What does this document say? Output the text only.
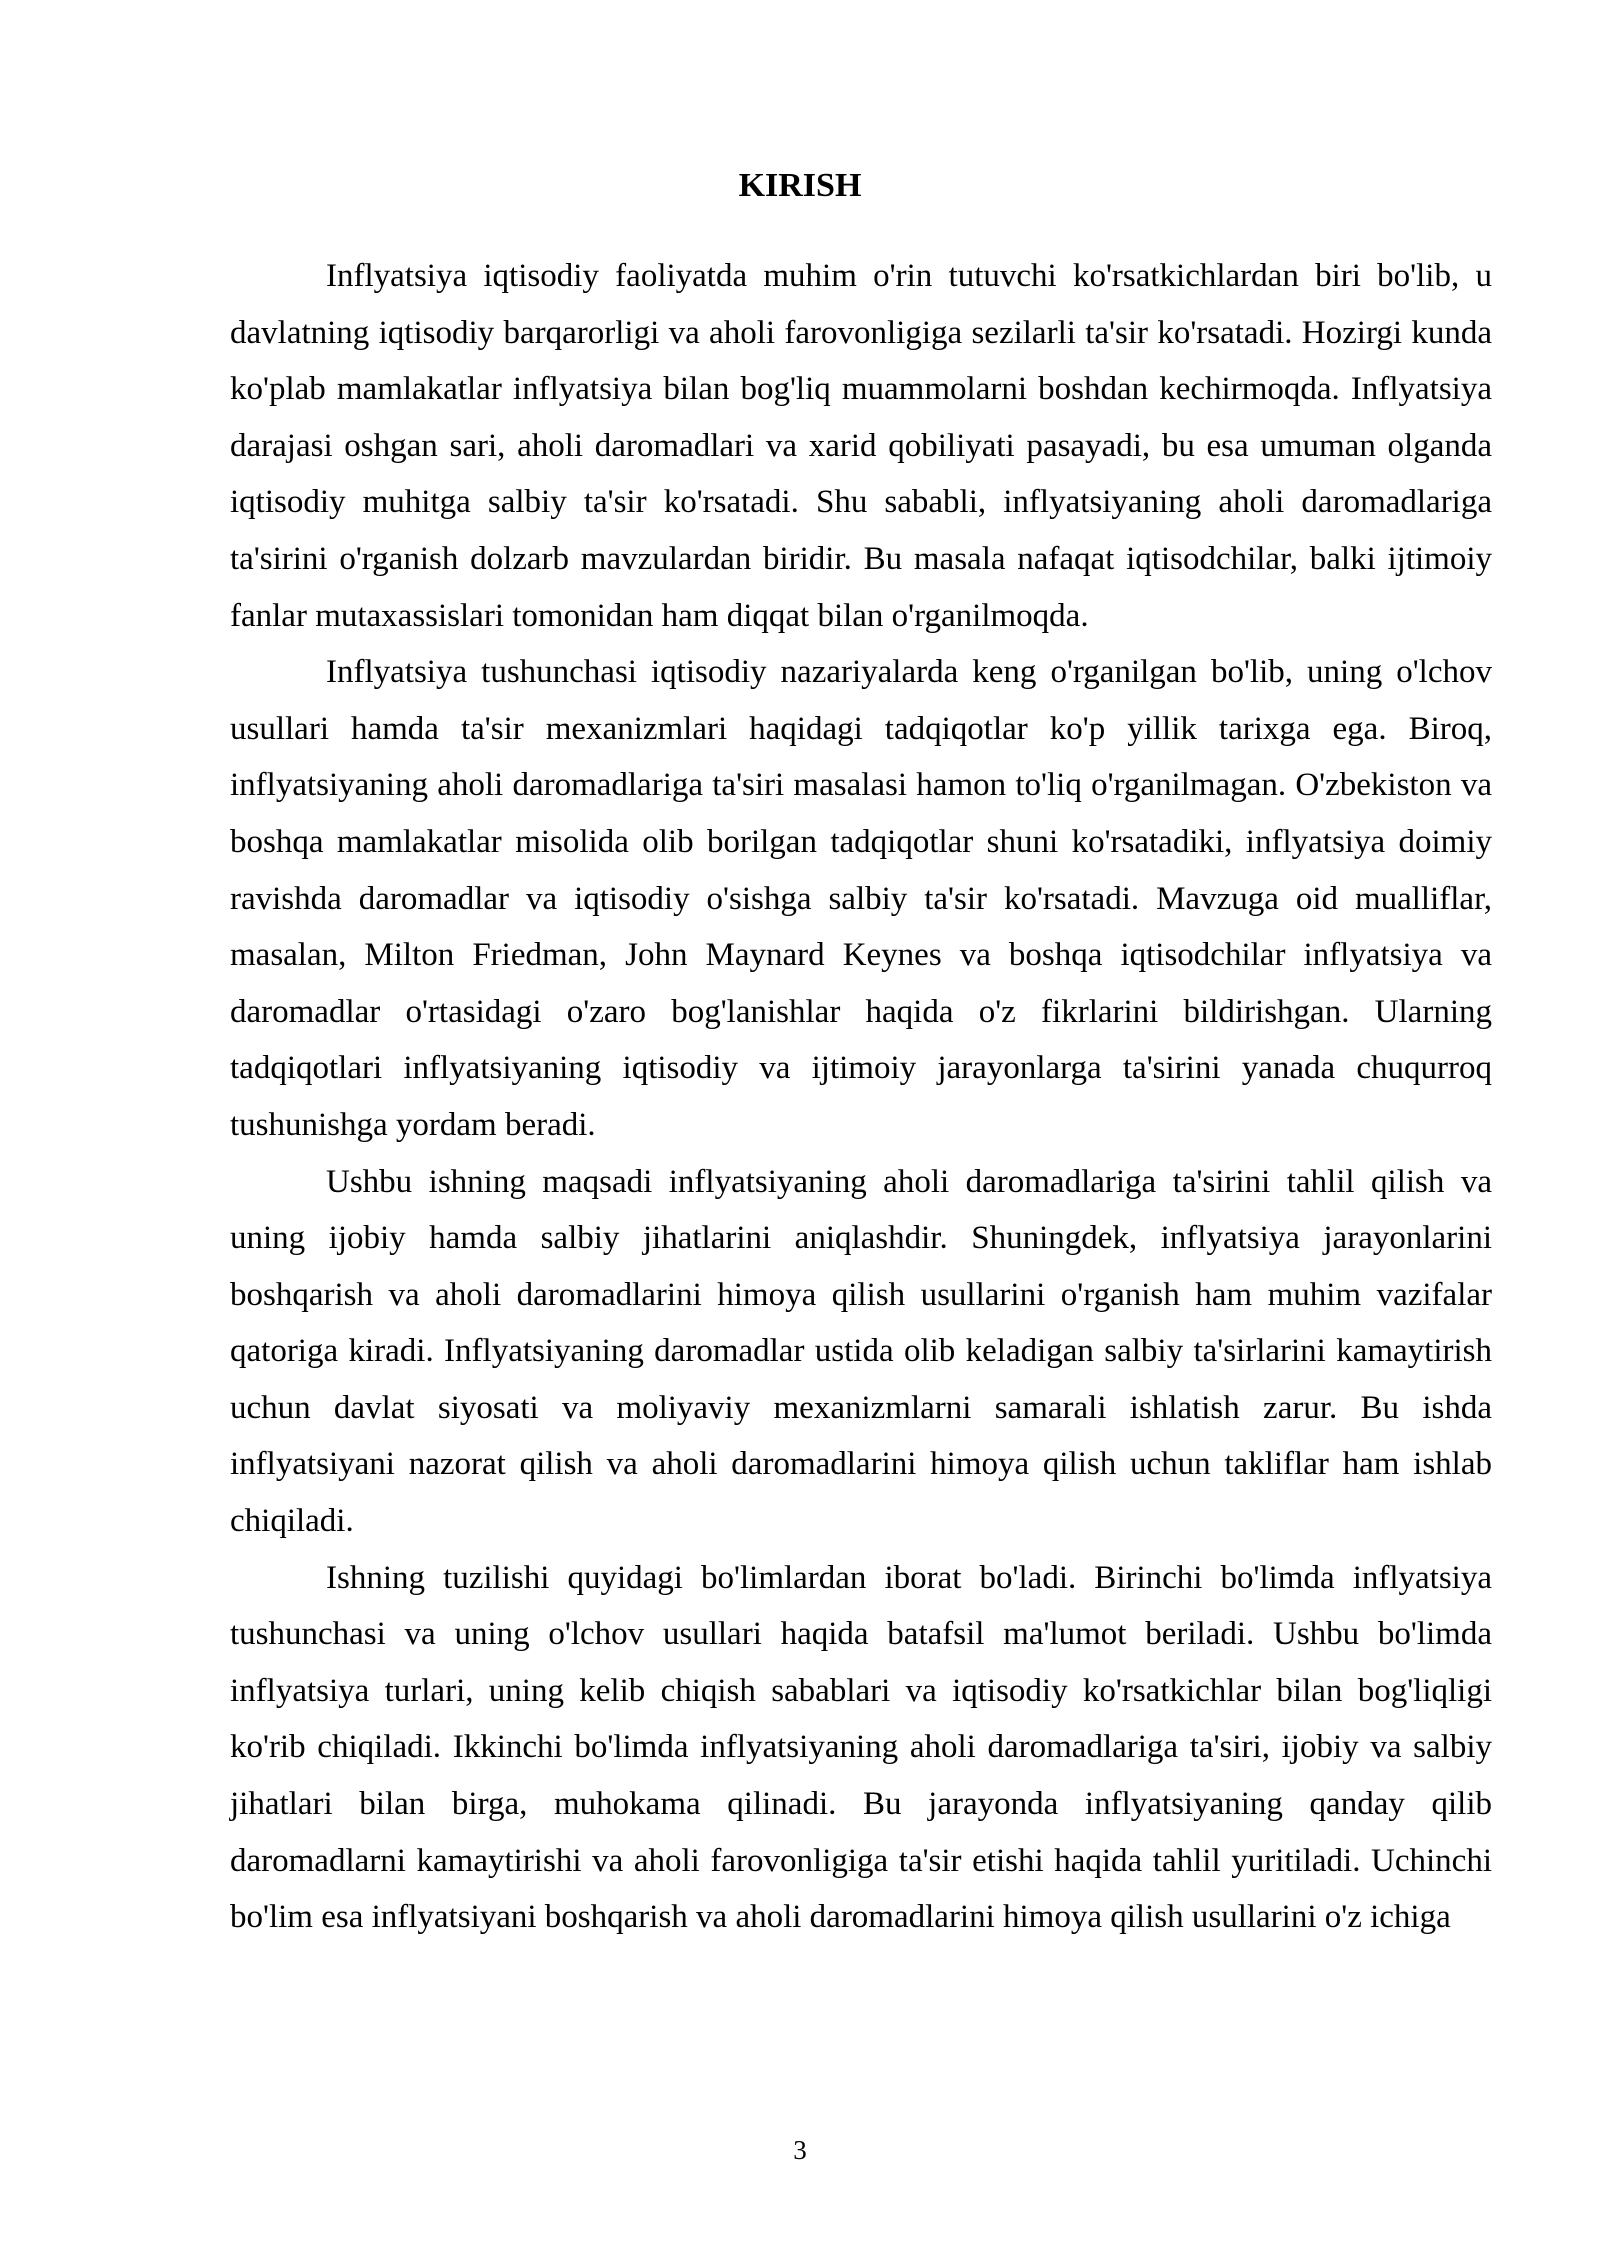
KIRISH

Inflyatsiya iqtisodiy faoliyatda muhim o'rin tutuvchi ko'rsatkichlardan biri bo'lib, u davlatning iqtisodiy barqarorligi va aholi farovonligiga sezilarli ta'sir ko'rsatadi. Hozirgi kunda ko'plab mamlakatlar inflyatsiya bilan bog'liq muammolarni boshdan kechirmoqda. Inflyatsiya darajasi oshgan sari, aholi daromadlari va xarid qobiliyati pasayadi, bu esa umuman olganda iqtisodiy muhitga salbiy ta'sir ko'rsatadi. Shu sababli, inflyatsiyaning aholi daromadlariga ta'sirini o'rganish dolzarb mavzulardan biridir. Bu masala nafaqat iqtisodchilar, balki ijtimoiy fanlar mutaxassislari tomonidan ham diqqat bilan o'rganilmoqda.

Inflyatsiya tushunchasi iqtisodiy nazariyalarda keng o'rganilgan bo'lib, uning o'lchov usullari hamda ta'sir mexanizmlari haqidagi tadqiqotlar ko'p yillik tarixga ega. Biroq, inflyatsiyaning aholi daromadlariga ta'siri masalasi hamon to'liq o'rganilmagan. O'zbekiston va boshqa mamlakatlar misolida olib borilgan tadqiqotlar shuni ko'rsatadiki, inflyatsiya doimiy ravishda daromadlar va iqtisodiy o'sishga salbiy ta'sir ko'rsatadi. Mavzuga oid mualliflar, masalan, Milton Friedman, John Maynard Keynes va boshqa iqtisodchilar inflyatsiya va daromadlar o'rtasidagi o'zaro bog'lanishlar haqida o'z fikrlarini bildirishgan. Ularning tadqiqotlari inflyatsiyaning iqtisodiy va ijtimoiy jarayonlarga ta'sirini yanada chuqurroq tushunishga yordam beradi.

Ushbu ishning maqsadi inflyatsiyaning aholi daromadlariga ta'sirini tahlil qilish va uning ijobiy hamda salbiy jihatlarini aniqlashdir. Shuningdek, inflyatsiya jarayonlarini boshqarish va aholi daromadlarini himoya qilish usullarini o'rganish ham muhim vazifalar qatoriga kiradi. Inflyatsiyaning daromadlar ustida olib keladigan salbiy ta'sirlarini kamaytirish uchun davlat siyosati va moliyaviy mexanizmlarni samarali ishlatish zarur. Bu ishda inflyatsiyani nazorat qilish va aholi daromadlarini himoya qilish uchun takliflar ham ishlab chiqiladi.

Ishning tuzilishi quyidagi bo'limlardan iborat bo'ladi. Birinchi bo'limda inflyatsiya tushunchasi va uning o'lchov usullari haqida batafsil ma'lumot beriladi. Ushbu bo'limda inflyatsiya turlari, uning kelib chiqish sabablari va iqtisodiy ko'rsatkichlar bilan bog'liqligi ko'rib chiqiladi. Ikkinchi bo'limda inflyatsiyaning aholi daromadlariga ta'siri, ijobiy va salbiy jihatlari bilan birga, muhokama qilinadi. Bu jarayonda inflyatsiyaning qanday qilib daromadlarni kamaytirishi va aholi farovonligiga ta'sir etishi haqida tahlil yuritiladi. Uchinchi bo'lim esa inflyatsiyani boshqarish va aholi daromadlarini himoya qilish usullarini o'z ichiga

3
